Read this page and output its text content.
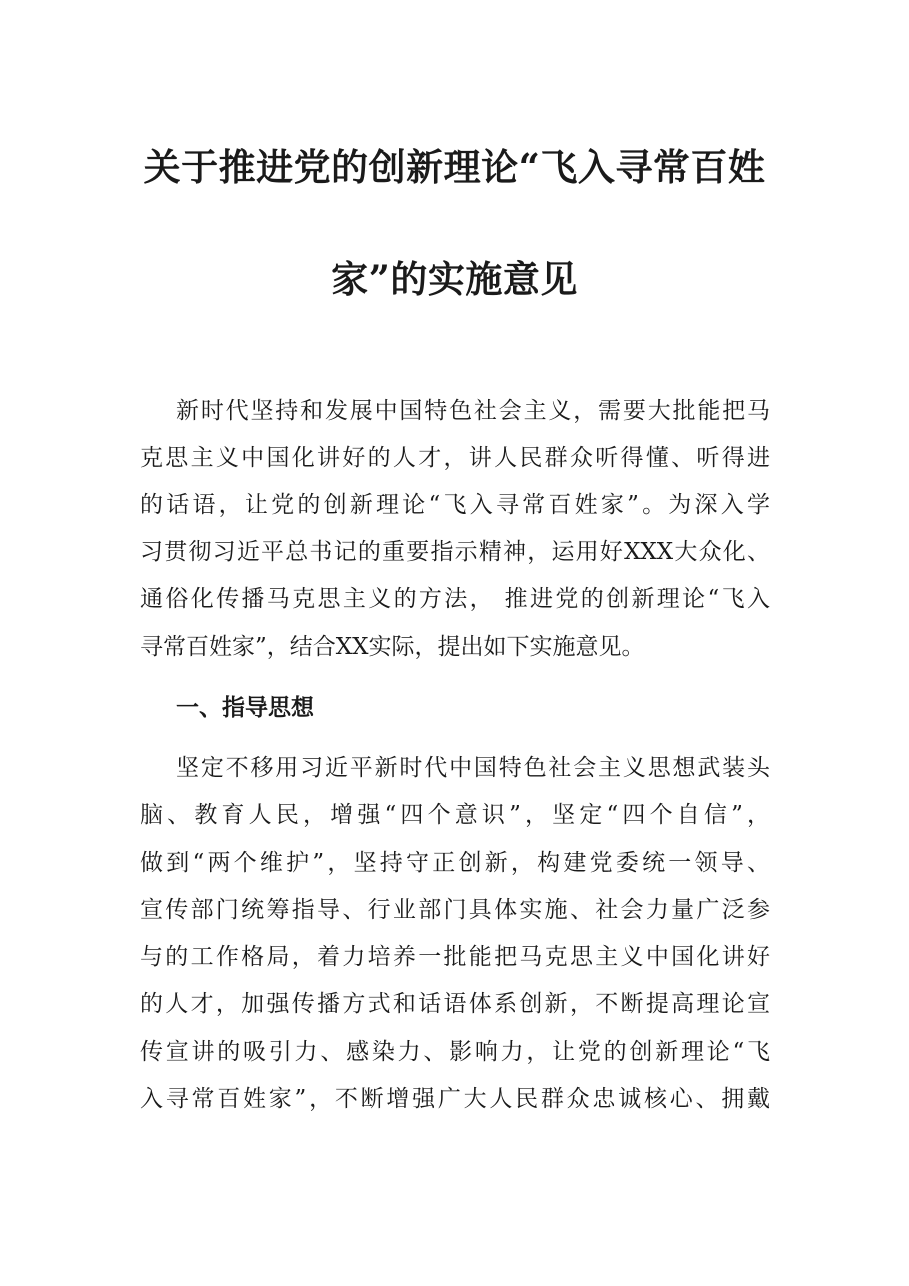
关于推进党的创新理论“飞入寻常百姓
家”的实施意见
新时代坚持和发展中国特色社会主义，需要大批能把马
克思主义中国化讲好的人才，讲人民群众听得懂、听得进
的话语，让党的创新理论“飞入寻常百姓家”。为深入学
习贯彻习近平总书记的重要指示精神，运用好XXX大众化、
通俗化传播马克思主义的方法， 推进党的创新理论“飞入
寻常百姓家”，结合XX实际，提出如下实施意见。
一、指导思想
坚定不移用习近平新时代中国特色社会主义思想武装头
脑、教育人民，增强“四个意识”，坚定“四个自信”，
做到“两个维护”，坚持守正创新，构建党委统一领导、
宣传部门统筹指导、行业部门具体实施、社会力量广泛参
与的工作格局，着力培养一批能把马克思主义中国化讲好
的人才，加强传播方式和话语体系创新，不断提高理论宣
传宣讲的吸引力、感染力、影响力，让党的创新理论“飞
入寻常百姓家”，不断增强广大人民群众忠诚核心、拥戴
